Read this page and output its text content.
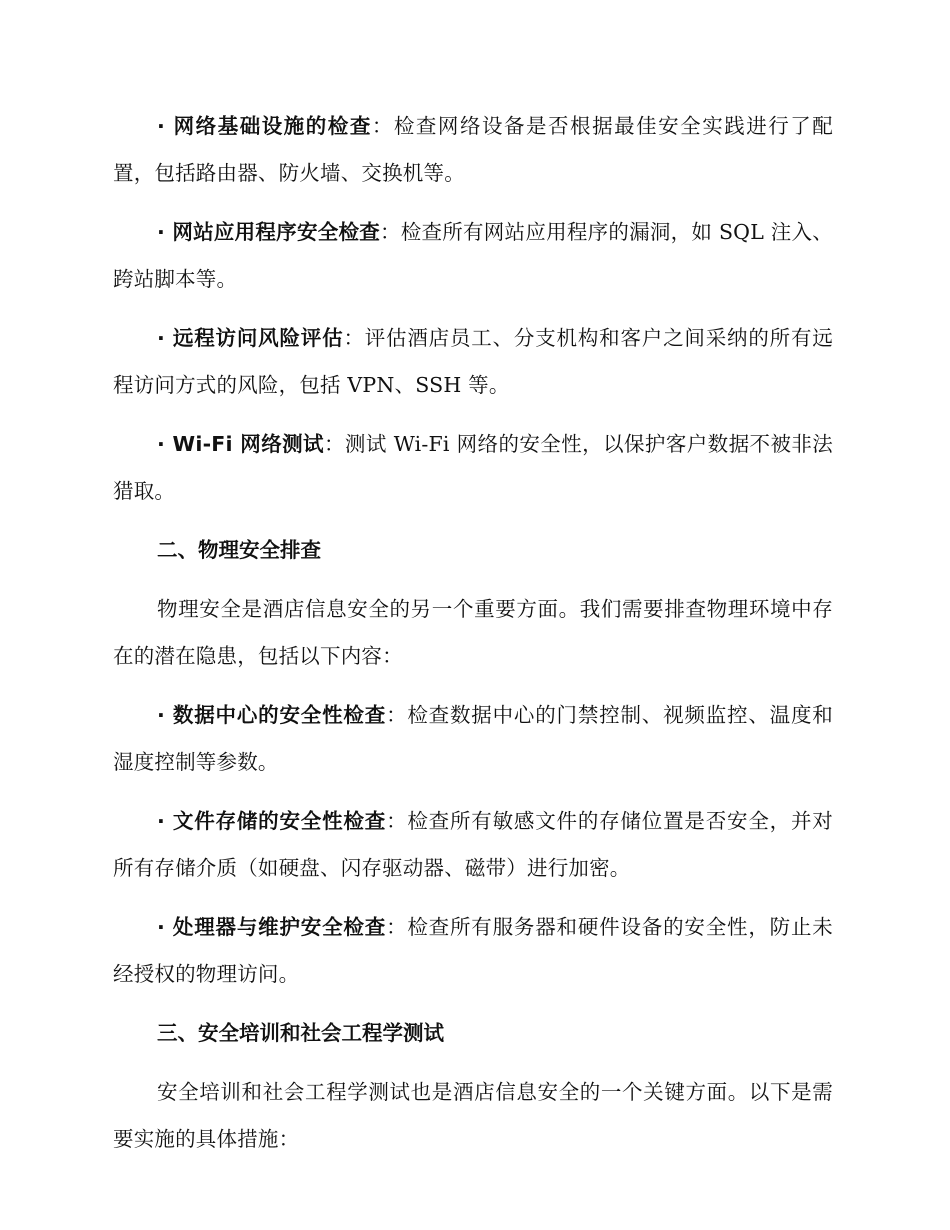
· 网络基础设施的检查：检查网络设备是否根据最佳安全实践进行了配置，包括路由器、防火墙、交换机等。

· 网站应用程序安全检查：检查所有网站应用程序的漏洞，如 SQL 注入、跨站脚本等。

· 远程访问风险评估：评估酒店员工、分支机构和客户之间采纳的所有远程访问方式的风险，包括 VPN、SSH 等。

· Wi-Fi 网络测试：测试 Wi-Fi 网络的安全性，以保护客户数据不被非法猎取。

二、物理安全排查

物理安全是酒店信息安全的另一个重要方面。我们需要排查物理环境中存在的潜在隐患，包括以下内容：

· 数据中心的安全性检查：检查数据中心的门禁控制、视频监控、温度和湿度控制等参数。

· 文件存储的安全性检查：检查所有敏感文件的存储位置是否安全，并对所有存储介质（如硬盘、闪存驱动器、磁带）进行加密。

· 处理器与维护安全检查：检查所有服务器和硬件设备的安全性，防止未经授权的物理访问。

三、安全培训和社会工程学测试

安全培训和社会工程学测试也是酒店信息安全的一个关键方面。以下是需要实施的具体措施：
